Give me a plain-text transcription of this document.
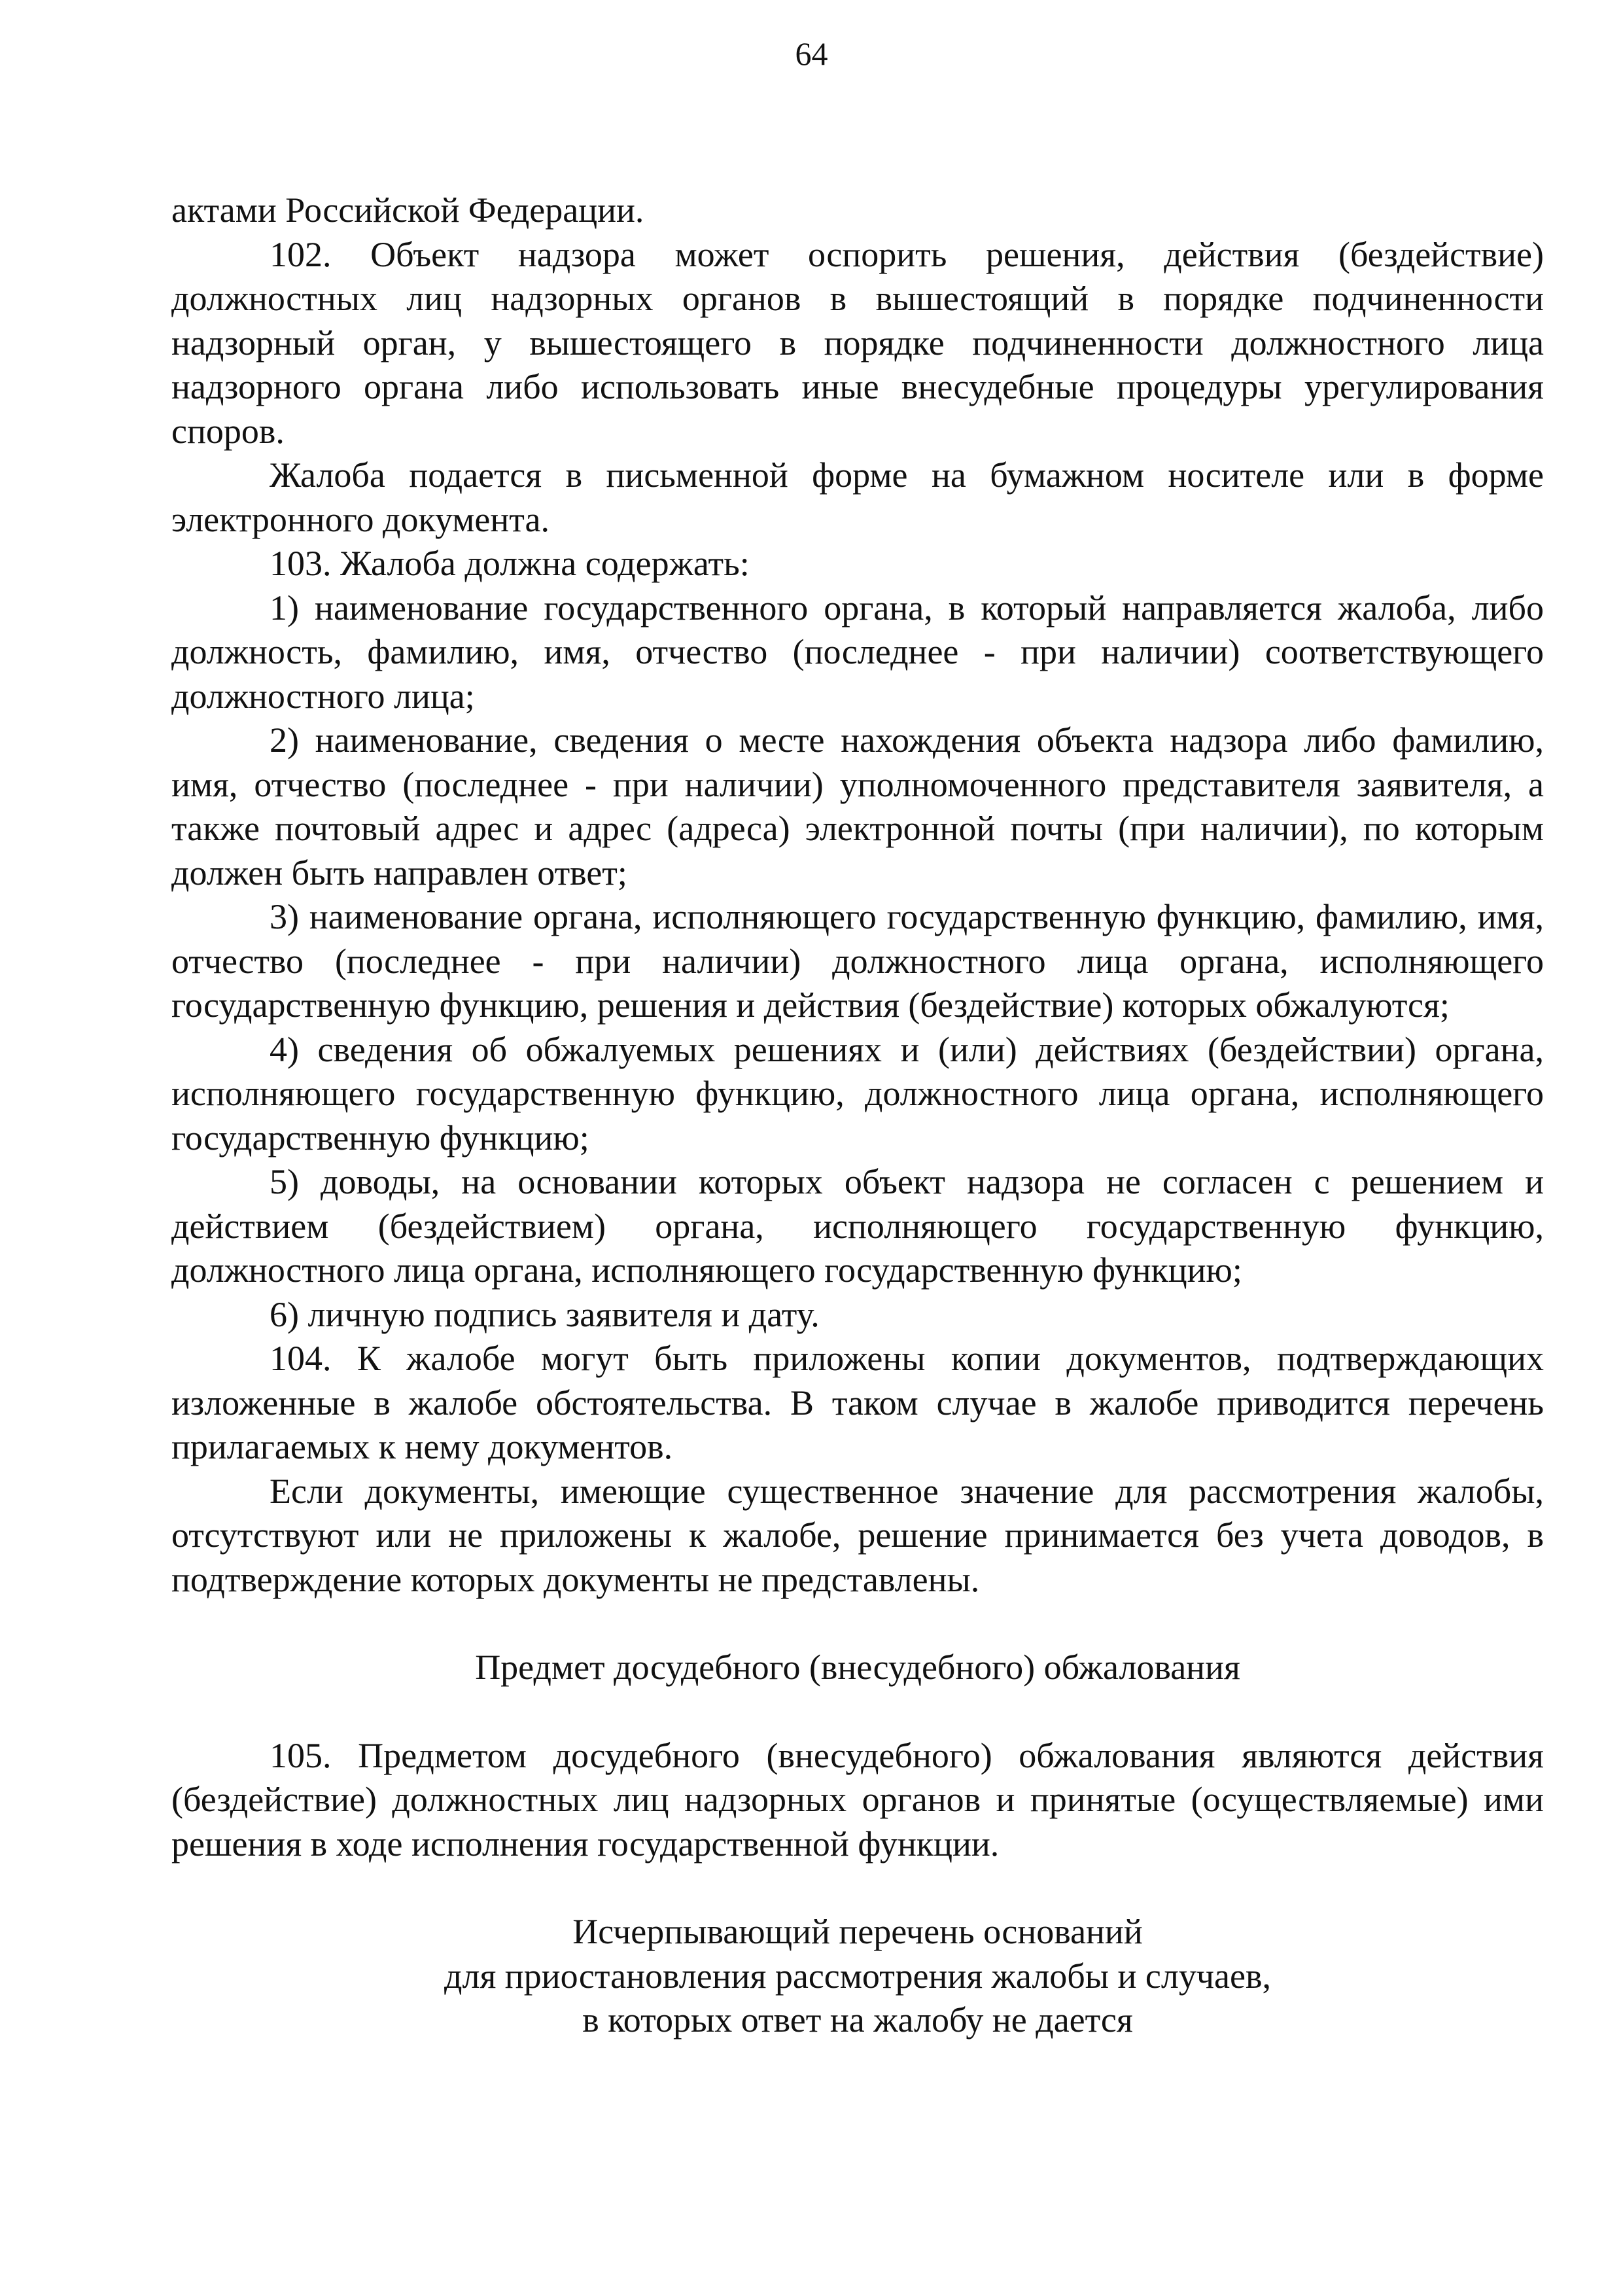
64

актами Российской Федерации.

102. Объект надзора может оспорить решения, действия (бездействие) должностных лиц надзорных органов в вышестоящий в порядке подчиненности надзорный орган, у вышестоящего в порядке подчиненности должностного лица надзорного органа либо использовать иные внесудебные процедуры урегулирования споров.

Жалоба подается в письменной форме на бумажном носителе или в форме электронного документа.

103. Жалоба должна содержать:

1) наименование государственного органа, в который направляется жалоба, либо должность, фамилию, имя, отчество (последнее - при наличии) соответствующего должностного лица;

2) наименование, сведения о месте нахождения объекта надзора либо фамилию, имя, отчество (последнее - при наличии) уполномоченного представителя заявителя, а также почтовый адрес и адрес (адреса) электронной почты (при наличии), по которым должен быть направлен ответ;

3) наименование органа, исполняющего государственную функцию, фамилию, имя, отчество (последнее - при наличии) должностного лица органа, исполняющего государственную функцию, решения и действия (бездействие) которых обжалуются;

4) сведения об обжалуемых решениях и (или) действиях (бездействии) органа, исполняющего государственную функцию, должностного лица органа, исполняющего государственную функцию;

5) доводы, на основании которых объект надзора не согласен с решением и действием (бездействием) органа, исполняющего государственную функцию, должностного лица органа, исполняющего государственную функцию;

6) личную подпись заявителя и дату.

104. К жалобе могут быть приложены копии документов, подтверждающих изложенные в жалобе обстоятельства. В таком случае в жалобе приводится перечень прилагаемых к нему документов.

Если документы, имеющие существенное значение для рассмотрения жалобы, отсутствуют или не приложены к жалобе, решение принимается без учета доводов, в подтверждение которых документы не представлены.

Предмет досудебного (внесудебного) обжалования

105. Предметом досудебного (внесудебного) обжалования являются действия (бездействие) должностных лиц надзорных органов и принятые (осуществляемые) ими решения в ходе исполнения государственной функции.

Исчерпывающий перечень оснований
для приостановления рассмотрения жалобы и случаев,
в которых ответ на жалобу не дается
